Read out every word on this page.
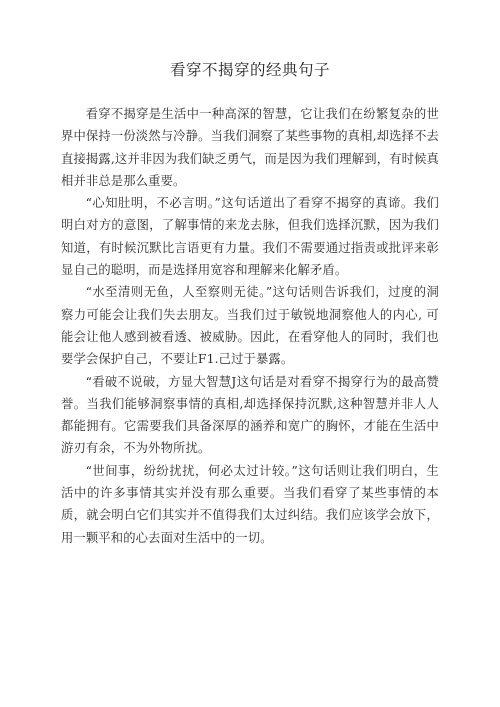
看穿不揭穿的经典句子

看穿不揭穿是生活中一种高深的智慧，它让我们在纷繁复杂的世界中保持一份淡然与冷静。当我们洞察了某些事物的真相,却选择不去直接揭露,这并非因为我们缺乏勇气，而是因为我们理解到，有时候真相并非总是那么重要。

“心知肚明，不必言明。”这句话道出了看穿不揭穿的真谛。我们明白对方的意图，了解事情的来龙去脉，但我们选择沉默，因为我们知道，有时候沉默比言语更有力量。我们不需要通过指责或批评来彰显自己的聪明，而是选择用宽容和理解来化解矛盾。

“水至清则无鱼，人至察则无徒。”这句话则告诉我们，过度的洞察力可能会让我们失去朋友。当我们过于敏锐地洞察他人的内心, 可能会让他人感到被看透、被威胁。因此，在看穿他人的同时，我们也要学会保护自己，不要让F1.己过于暴露。

“看破不说破，方显大智慧J这句话是对看穿不揭穿行为的最高赞誉。当我们能够洞察事情的真相,却选择保持沉默,这种智慧并非人人都能拥有。它需要我们具备深厚的涵养和宽广的胸怀，才能在生活中游刃有余，不为外物所扰。

“世间事，纷纷扰扰，何必太过计较。”这句话则让我们明白，生活中的许多事情其实并没有那么重要。当我们看穿了某些事情的本质，就会明白它们其实并不值得我们太过纠结。我们应该学会放下，用一颗平和的心去面对生活中的一切。
